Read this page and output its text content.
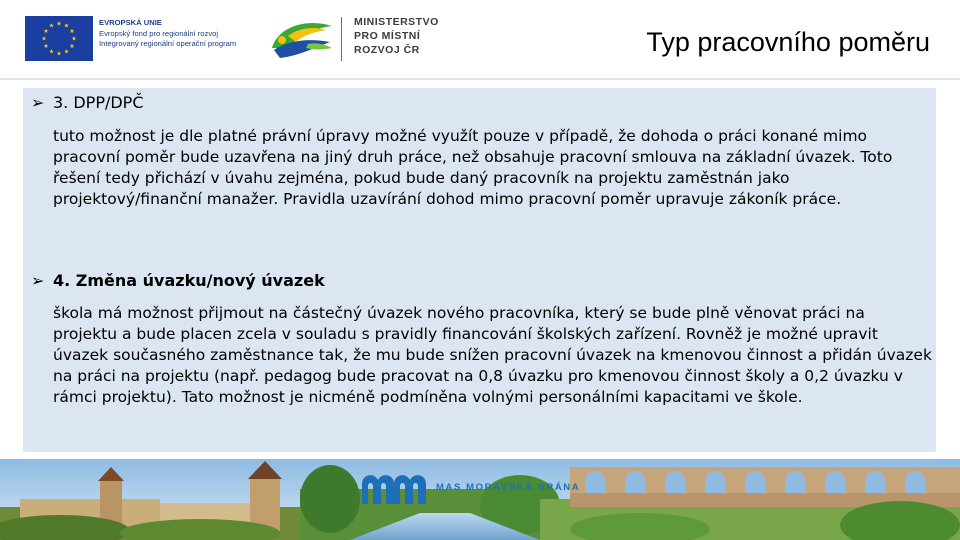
EVROPSKÁ UNIE
Evropský fond pro regionální rozvoj
Integrovaný regionální operační program
MINISTERSTVO
PRO MÍSTNÍ
ROZVOJ ČR	Typ pracovního poměru
➢ 3. DPP/DPČ

tuto možnost je dle platné právní úpravy možné využít pouze v případě, že dohoda o práci konané mimo pracovní poměr bude uzavřena na jiný druh práce, než obsahuje pracovní smlouva na základní úvazek. Toto řešení tedy přichází v úvahu zejména, pokud bude daný pracovník na projektu zaměstnán jako projektový/finanční manažer. Pravidla uzavírání dohod mimo pracovní poměr upravuje zákoník práce.

➢ 4. Změna úvazku/nový úvazek

škola má možnost přijmout na částečný úvazek nového pracovníka, který se bude plně věnovat práci na projektu a bude placen zcela v souladu s pravidly financování školských zařízení. Rovněž je možné upravit úvazek současného zaměstnance tak, že mu bude snížen pracovní úvazek na kmenovou činnost a přidán úvazek na práci na projektu (např. pedagog bude pracovat na 0,8 úvazku pro kmenovou činnost školy a 0,2 úvazku v rámci projektu). Tato možnost je nicméně podmíněna volnými personálními kapacitami ve škole.

MAS MORAVSKÁ BRÁNA
